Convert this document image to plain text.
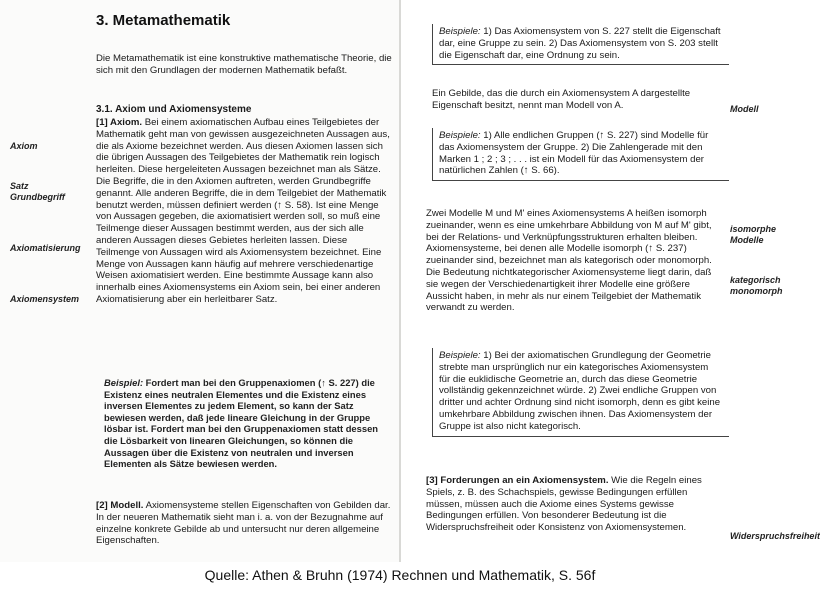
3. Metamathematik

Die Metamathematik ist eine konstruktive mathematische Theorie, die sich mit den Grundlagen der modernen Mathematik befaßt.

3.1. Axiom und Axiomensysteme

[1] Axiom. Bei einem axiomatischen Aufbau eines Teilgebietes der Mathematik geht man von gewissen ausgezeichneten Aussagen aus, die als Axiome bezeichnet werden. Aus diesen Axiomen lassen sich die übrigen Aussagen des Teilgebietes der Mathematik rein logisch herleiten. Diese hergeleiteten Aussagen bezeichnet man als Sätze. Die Begriffe, die in den Axiomen auftreten, werden Grundbegriffe genannt. Alle anderen Begriffe, die in dem Teilgebiet der Mathematik benutzt werden, müssen definiert werden (↑ S. 58). Ist eine Menge von Aussagen gegeben, die axiomatisiert werden soll, so muß eine Teilmenge dieser Aussagen bestimmt werden, aus der sich alle anderen Aussagen dieses Gebietes herleiten lassen. Diese Teilmenge von Aussagen wird als Axiomensystem bezeichnet. Eine Menge von Aussagen kann häufig auf mehrere verschiedenartige Weisen axiomatisiert werden. Eine bestimmte Aussage kann also innerhalb eines Axiomensystems ein Axiom sein, bei einer anderen Axiomatisierung aber ein herleitbarer Satz.

Beispiel: Fordert man bei den Gruppenaxiomen (↑ S. 227) die Existenz eines neutralen Elementes und die Existenz eines inversen Elementes zu jedem Element, so kann der Satz bewiesen werden, daß jede lineare Gleichung in der Gruppe lösbar ist. Fordert man bei den Gruppenaxiomen statt dessen die Lösbarkeit von linearen Gleichungen, so können die Aussagen über die Existenz von neutralen und inversen Elementen als Sätze bewiesen werden.

[2] Modell. Axiomensysteme stellen Eigenschaften von Gebilden dar. In der neueren Mathematik sieht man i. a. von der Bezugnahme auf einzelne konkrete Gebilde ab und untersucht nur deren allgemeine Eigenschaften.

Axiom
Satz
Grundbegriff
Axiomatisierung
Axiomensystem

Beispiele: 1) Das Axiomensystem von S. 227 stellt die Eigenschaft dar, eine Gruppe zu sein. 2) Das Axiomensystem von S. 203 stellt die Eigenschaft dar, eine Ordnung zu sein.

Ein Gebilde, das die durch ein Axiomensystem A dargestellte Eigenschaft besitzt, nennt man Modell von A.

Beispiele: 1) Alle endlichen Gruppen (↑ S. 227) sind Modelle für das Axiomensystem der Gruppe. 2) Die Zahlengerade mit den Marken 1 ; 2 ; 3 ; . . . ist ein Modell für das Axiomensystem der natürlichen Zahlen (↑ S. 66).

Zwei Modelle M und M' eines Axiomensystems A heißen isomorph zueinander, wenn es eine umkehrbare Abbildung von M auf M' gibt, bei der Relations- und Verknüpfungsstrukturen erhalten bleiben. Axiomensysteme, bei denen alle Modelle isomorph (↑ S. 237) zueinander sind, bezeichnet man als kategorisch oder monomorph. Die Bedeutung nichtkategorischer Axiomensysteme liegt darin, daß sie wegen der Verschiedenartigkeit ihrer Modelle eine größere Aussicht haben, in mehr als nur einem Teilgebiet der Mathematik verwandt zu werden.

Beispiele: 1) Bei der axiomatischen Grundlegung der Geometrie strebte man ursprünglich nur ein kategorisches Axiomensystem für die euklidische Geometrie an, durch das diese Geometrie vollständig gekennzeichnet würde. 2) Zwei endliche Gruppen von dritter und achter Ordnung sind nicht isomorph, denn es gibt keine umkehrbare Abbildung zwischen ihnen. Das Axiomensystem der Gruppe ist also nicht kategorisch.

[3] Forderungen an ein Axiomensystem. Wie die Regeln eines Spiels, z. B. des Schachspiels, gewisse Bedingungen erfüllen müssen, müssen auch die Axiome eines Systems gewisse Bedingungen erfüllen. Von besonderer Bedeutung ist die Widerspruchsfreiheit oder Konsistenz von Axiomensystemen.

Modell
isomorphe Modelle
kategorisch monomorph
Widerspruchsfreiheit
Quelle: Athen & Bruhn (1974) Rechnen und Mathematik, S. 56f
